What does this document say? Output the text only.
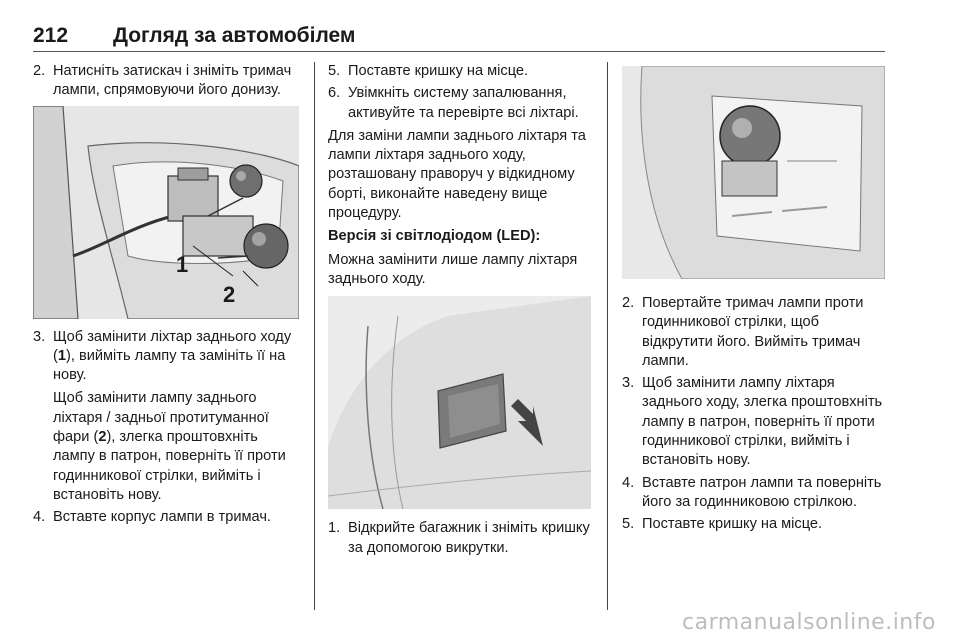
212 Догляд за автомобілем
2. Натисніть затискач і зніміть тримач лампи, спрямовуючи його донизу.
1
2
3. Щоб замінити ліхтар заднього ходу (1), вийміть лампу та замініть її на нову.
Щоб замінити лампу заднього ліхтаря / задньої протитуманної фари (2), злегка проштовхніть лампу в патрон, поверніть її проти годинникової стрілки, вийміть і встановіть нову.
4. Вставте корпус лампи в тримач.
5. Поставте кришку на місце.
6. Увімкніть систему запалювання, активуйте та перевірте всі ліхтарі.
Для заміни лампи заднього ліхтаря та лампи ліхтаря заднього ходу, розташовану праворуч у відкидному борті, виконайте наведену вище процедуру.
Версія зі світлодіодом (LED):
Можна замінити лише лампу ліхтаря заднього ходу.
1. Відкрийте багажник і зніміть кришку за допомогою викрутки.
2. Повертайте тримач лампи проти годинникової стрілки, щоб відкрутити його. Вийміть тримач лампи.
3. Щоб замінити лампу ліхтаря заднього ходу, злегка проштовхніть лампу в патрон, поверніть її проти годинникової стрілки, вийміть і встановіть нову.
4. Вставте патрон лампи та поверніть його за годинниковою стрілкою.
5. Поставте кришку на місце.
carmanualsonline.info
